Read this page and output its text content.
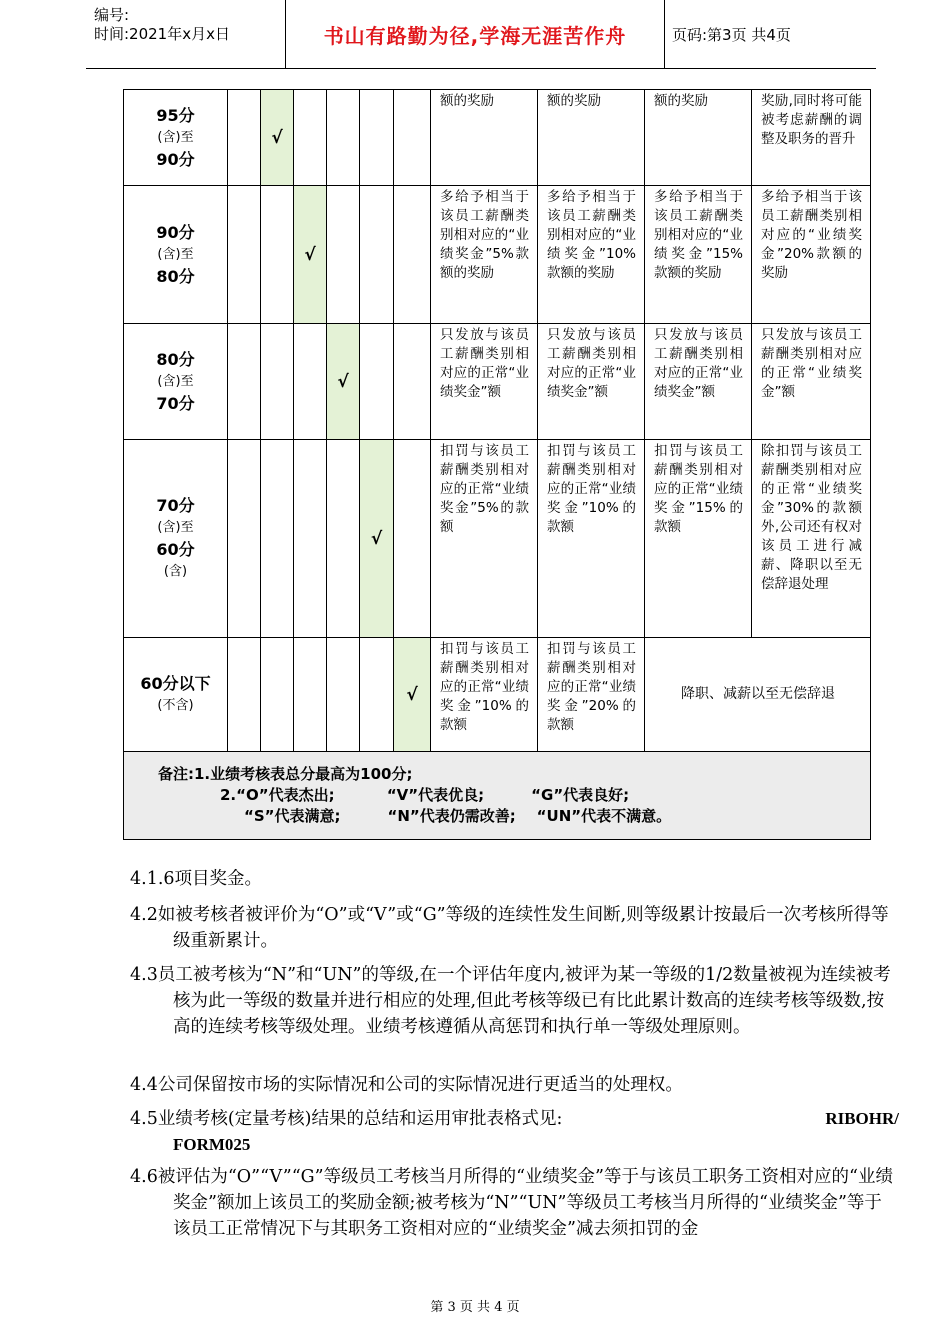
编号:
时间:2021年x月x日	书山有路勤为径,学海无涯苦作舟	页码:第3页 共4页
95分
(含)至
90分		√					额的奖励	额的奖励	额的奖励	奖励,同时将可能被考虑薪酬的调整及职务的晋升

90分
(含)至
80分			√				多给予相当于该员工薪酬类别相对应的“业绩奖金”5%款额的奖励	多给予相当于该员工薪酬类别相对应的“业绩奖金”10%款额的奖励	多给予相当于该员工薪酬类别相对应的“业绩奖金”15%款额的奖励	多给予相当于该员工薪酬类别相对应的“业绩奖金”20%款额的奖励

80分
(含)至
70分				√			只发放与该员工薪酬类别相对应的正常“业绩奖金”额	只发放与该员工薪酬类别相对应的正常“业绩奖金”额	只发放与该员工薪酬类别相对应的正常“业绩奖金”额	只发放与该员工薪酬类别相对应的正常“业绩奖金”额

70分
(含)至
60分
(含)					√		扣罚与该员工薪酬类别相对应的正常“业绩奖金”5%的款额	扣罚与该员工薪酬类别相对应的正常“业绩奖金”10%的款额	扣罚与该员工薪酬类别相对应的正常“业绩奖金”15%的款额	除扣罚与该员工薪酬类别相对应的正常“业绩奖金”30%的款额外,公司还有权对该员工进行减薪、降职以至无偿辞退处理

60分以下
(不含)						√	扣罚与该员工薪酬类别相对应的正常“业绩奖金”10%的款额	扣罚与该员工薪酬类别相对应的正常“业绩奖金”20%的款额	降职、减薪以至无偿辞退	

备注:1.业绩考核表总分最高为100分;
2.“O”代表杰出;          “V”代表优良;         “G”代表良好;
“S”代表满意;         “N”代表仍需改善;    “UN”代表不满意。										
4.1.6项目奖金。
4.2如被考核者被评价为“O”或“V”或“G”等级的连续性发生间断,则等级累计按最后一次考核所得等级重新累计。
4.3员工被考核为“N”和“UN”的等级,在一个评估年度内,被评为某一等级的1/2数量被视为连续被考核为此一等级的数量并进行相应的处理,但此考核等级已有比此累计数高的连续考核等级数,按高的连续考核等级处理。业绩考核遵循从高惩罚和执行单一等级处理原则。
4.4公司保留按市场的实际情况和公司的实际情况进行更适当的处理权。
4.5业绩考核(定量考核)结果的总结和运用审批表格式见:	RIBOHR/

FORM025
4.6被评估为“O”“V”“G”等级员工考核当月所得的“业绩奖金”等于与该员工职务工资相对应的“业绩奖金”额加上该员工的奖励金额;被考核为“N”“UN”等级员工考核当月所得的“业绩奖金”等于该员工正常情况下与其职务工资相对应的“业绩奖金”减去须扣罚的金
第 3 页 共 4 页
